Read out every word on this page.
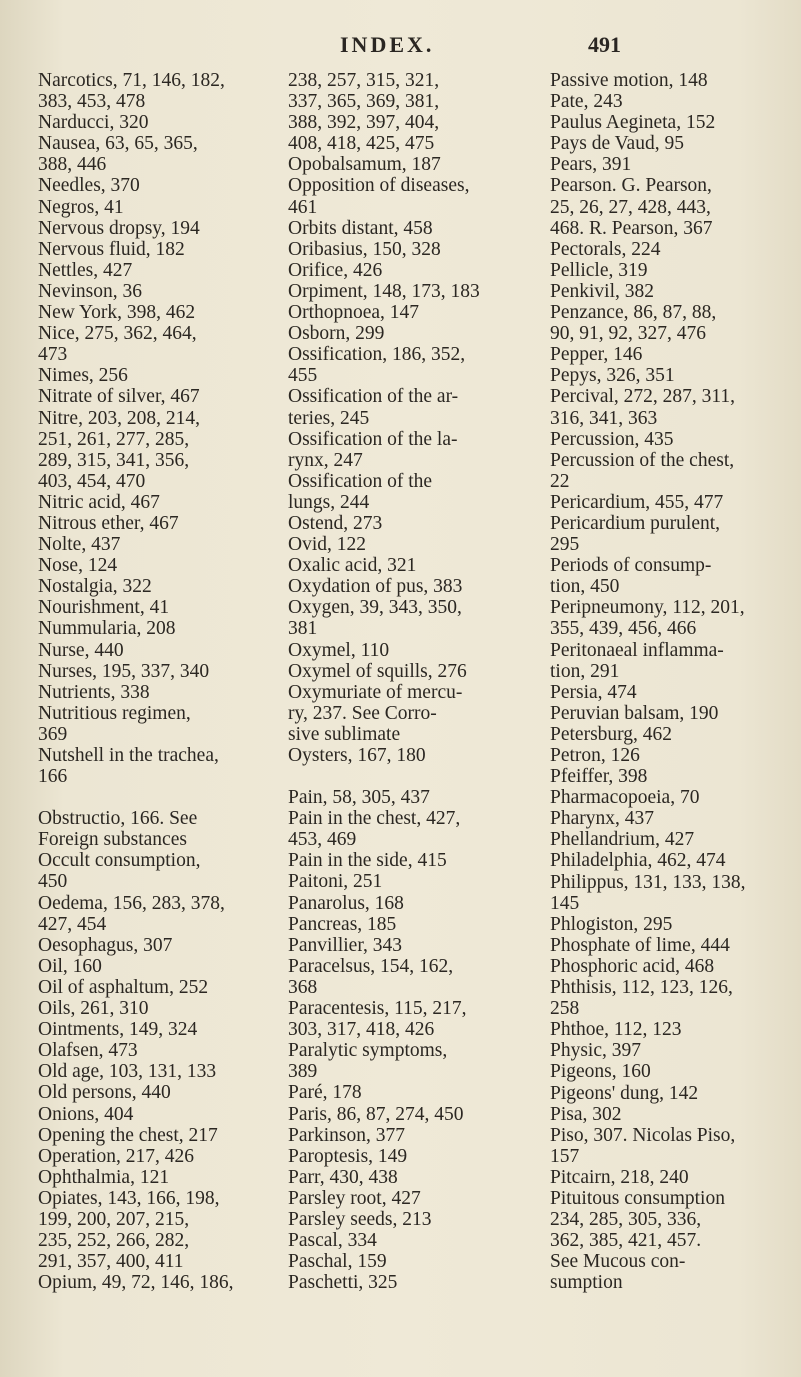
INDEX.	491
Narcotics, 71, 146, 182,
383, 453, 478
Narducci, 320
Nausea, 63, 65, 365,
388, 446
Needles, 370
Negros, 41
Nervous dropsy, 194
Nervous fluid, 182
Nettles, 427
Nevinson, 36
New York, 398, 462
Nice, 275, 362, 464,
473
Nimes, 256
Nitrate of silver, 467
Nitre, 203, 208, 214,
251, 261, 277, 285,
289, 315, 341, 356,
403, 454, 470
Nitric acid, 467
Nitrous ether, 467
Nolte, 437
Nose, 124
Nostalgia, 322
Nourishment, 41
Nummularia, 208
Nurse, 440
Nurses, 195, 337, 340
Nutrients, 338
Nutritious regimen,
369
Nutshell in the trachea,
166
Obstructio, 166. See
Foreign substances
Occult consumption,
450
Oedema, 156, 283, 378,
427, 454
Oesophagus, 307
Oil, 160
Oil of asphaltum, 252
Oils, 261, 310
Ointments, 149, 324
Olafsen, 473
Old age, 103, 131, 133
Old persons, 440
Onions, 404
Opening the chest, 217
Operation, 217, 426
Ophthalmia, 121
Opiates, 143, 166, 198,
199, 200, 207, 215,
235, 252, 266, 282,
291, 357, 400, 411
Opium, 49, 72, 146, 186,
238, 257, 315, 321,
337, 365, 369, 381,
388, 392, 397, 404,
408, 418, 425, 475
Opobalsamum, 187
Opposition of diseases,
461
Orbits distant, 458
Oribasius, 150, 328
Orifice, 426
Orpiment, 148, 173, 183
Orthopnoea, 147
Osborn, 299
Ossification, 186, 352,
455
Ossification of the ar-
teries, 245
Ossification of the la-
rynx, 247
Ossification of the
lungs, 244
Ostend, 273
Ovid, 122
Oxalic acid, 321
Oxydation of pus, 383
Oxygen, 39, 343, 350,
381
Oxymel, 110
Oxymel of squills, 276
Oxymuriate of mercu-
ry, 237. See Corro-
sive sublimate
Oysters, 167, 180
Pain, 58, 305, 437
Pain in the chest, 427,
453, 469
Pain in the side, 415
Paitoni, 251
Panarolus, 168
Pancreas, 185
Panvillier, 343
Paracelsus, 154, 162,
368
Paracentesis, 115, 217,
303, 317, 418, 426
Paralytic symptoms,
389
Paré, 178
Paris, 86, 87, 274, 450
Parkinson, 377
Paroptesis, 149
Parr, 430, 438
Parsley root, 427
Parsley seeds, 213
Pascal, 334
Paschal, 159
Paschetti, 325
Passive motion, 148
Pate, 243
Paulus Aegineta, 152
Pays de Vaud, 95
Pears, 391
Pearson. G. Pearson,
25, 26, 27, 428, 443,
468. R. Pearson, 367
Pectorals, 224
Pellicle, 319
Penkivil, 382
Penzance, 86, 87, 88,
90, 91, 92, 327, 476
Pepper, 146
Pepys, 326, 351
Percival, 272, 287, 311,
316, 341, 363
Percussion, 435
Percussion of the chest,
22
Pericardium, 455, 477
Pericardium purulent,
295
Periods of consump-
tion, 450
Peripneumony, 112, 201,
355, 439, 456, 466
Peritonaeal inflamma-
tion, 291
Persia, 474
Peruvian balsam, 190
Petersburg, 462
Petron, 126
Pfeiffer, 398
Pharmacopoeia, 70
Pharynx, 437
Phellandrium, 427
Philadelphia, 462, 474
Philippus, 131, 133, 138,
145
Phlogiston, 295
Phosphate of lime, 444
Phosphoric acid, 468
Phthisis, 112, 123, 126,
258
Phthoe, 112, 123
Physic, 397
Pigeons, 160
Pigeons' dung, 142
Pisa, 302
Piso, 307. Nicolas Piso,
157
Pitcairn, 218, 240
Pituitous consumption
234, 285, 305, 336,
362, 385, 421, 457.
See Mucous con-
sumption
